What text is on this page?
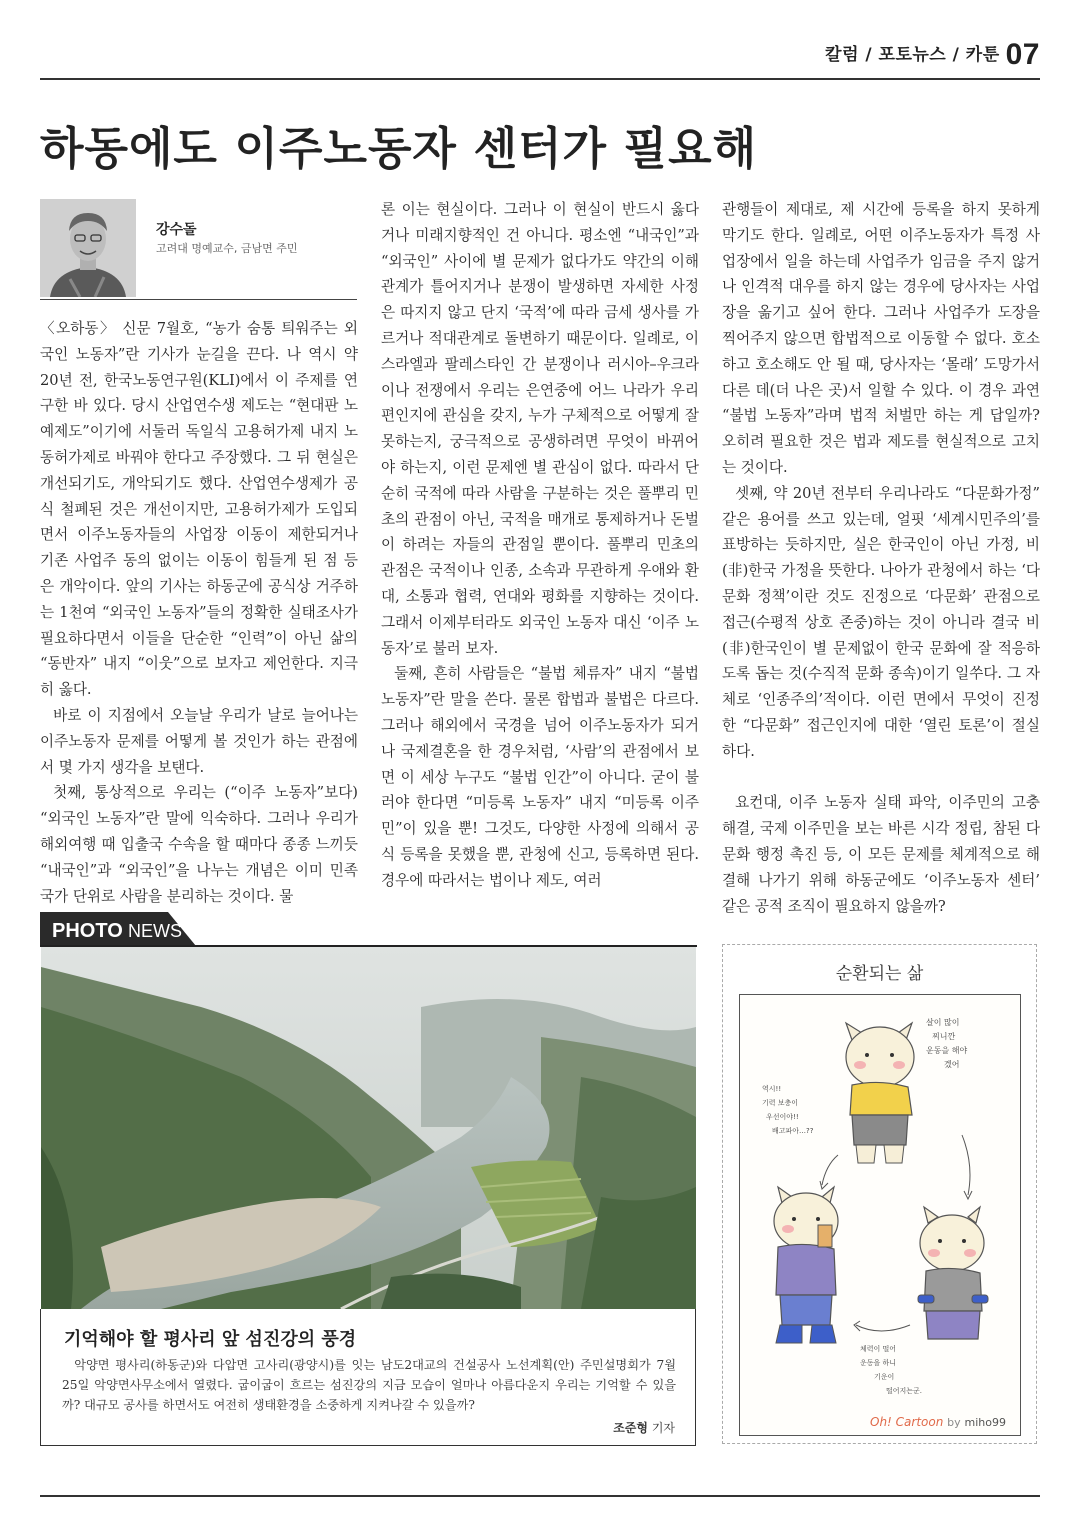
칼럼 / 포토뉴스 / 카툰 07
하동에도 이주노동자 센터가 필요해
강수돌
고려대 명예교수, 금남면 주민

〈오하동〉 신문 7월호, “농가 숨통 틔워주는 외국인 노동자”란 기사가 눈길을 끈다. 나 역시 약 20년 전, 한국노동연구원(KLI)에서 이 주제를 연구한 바 있다. 당시 산업연수생 제도는 “현대판 노예제도”이기에 서둘러 독일식 고용허가제 내지 노동허가제로 바꿔야 한다고 주장했다. 그 뒤 현실은 개선되기도, 개악되기도 했다. 산업연수생제가 공식 철폐된 것은 개선이지만, 고용허가제가 도입되면서 이주노동자들의 사업장 이동이 제한되거나 기존 사업주 동의 없이는 이동이 힘들게 된 점 등은 개악이다. 앞의 기사는 하동군에 공식상 거주하는 1천여 “외국인 노동자”들의 정확한 실태조사가 필요하다면서 이들을 단순한 “인력”이 아닌 삶의 “동반자” 내지 “이웃”으로 보자고 제언한다. 지극히 옳다.

바로 이 지점에서 오늘날 우리가 날로 늘어나는 이주노동자 문제를 어떻게 볼 것인가 하는 관점에서 몇 가지 생각을 보탠다.

첫째, 통상적으로 우리는 (“이주 노동자”보다) “외국인 노동자”란 말에 익숙하다. 그러나 우리가 해외여행 때 입출국 수속을 할 때마다 종종 느끼듯 “내국인”과 “외국인”을 나누는 개념은 이미 민족국가 단위로 사람을 분리하는 것이다. 물

론 이는 현실이다. 그러나 이 현실이 반드시 옳다거나 미래지향적인 건 아니다. 평소엔 “내국인”과 “외국인” 사이에 별 문제가 없다가도 약간의 이해관계가 틀어지거나 분쟁이 발생하면 자세한 사정은 따지지 않고 단지 ‘국적’에 따라 금세 생사를 가르거나 적대관계로 돌변하기 때문이다. 일례로, 이스라엘과 팔레스타인 간 분쟁이나 러시아–우크라이나 전쟁에서 우리는 은연중에 어느 나라가 우리 편인지에 관심을 갖지, 누가 구체적으로 어떻게 잘못하는지, 궁극적으로 공생하려면 무엇이 바뀌어야 하는지, 이런 문제엔 별 관심이 없다. 따라서 단순히 국적에 따라 사람을 구분하는 것은 풀뿌리 민초의 관점이 아닌, 국적을 매개로 통제하거나 돈벌이 하려는 자들의 관점일 뿐이다. 풀뿌리 민초의 관점은 국적이나 인종, 소속과 무관하게 우애와 환대, 소통과 협력, 연대와 평화를 지향하는 것이다. 그래서 이제부터라도 외국인 노동자 대신 ‘이주 노동자’로 불러 보자.

둘째, 흔히 사람들은 “불법 체류자” 내지 “불법 노동자”란 말을 쓴다. 물론 합법과 불법은 다르다. 그러나 해외에서 국경을 넘어 이주노동자가 되거나 국제결혼을 한 경우처럼, ‘사람’의 관점에서 보면 이 세상 누구도 “불법 인간”이 아니다. 굳이 불러야 한다면 “미등록 노동자” 내지 “미등록 이주민”이 있을 뿐! 그것도, 다양한 사정에 의해서 공식 등록을 못했을 뿐, 관청에 신고, 등록하면 된다. 경우에 따라서는 법이나 제도, 여러

관행들이 제대로, 제 시간에 등록을 하지 못하게 막기도 한다. 일례로, 어떤 이주노동자가 특정 사업장에서 일을 하는데 사업주가 임금을 주지 않거나 인격적 대우를 하지 않는 경우에 당사자는 사업장을 옮기고 싶어 한다. 그러나 사업주가 도장을 찍어주지 않으면 합법적으로 이동할 수 없다. 호소하고 호소해도 안 될 때, 당사자는 ‘몰래’ 도망가서 다른 데(더 나은 곳)서 일할 수 있다. 이 경우 과연 “불법 노동자”라며 법적 처벌만 하는 게 답일까? 오히려 필요한 것은 법과 제도를 현실적으로 고치는 것이다.

셋째, 약 20년 전부터 우리나라도 “다문화가정” 같은 용어를 쓰고 있는데, 얼핏 ‘세계시민주의’를 표방하는 듯하지만, 실은 한국인이 아닌 가정, 비(非)한국 가정을 뜻한다. 나아가 관청에서 하는 ‘다문화 정책’이란 것도 진정으로 ‘다문화’ 관점으로 접근(수평적 상호 존중)하는 것이 아니라 결국 비(非)한국인이 별 문제없이 한국 문화에 잘 적응하도록 돕는 것(수직적 문화 종속)이기 일쑤다. 그 자체로 ‘인종주의’적이다. 이런 면에서 무엇이 진정한 “다문화” 접근인지에 대한 ‘열린 토론’이 절실하다.

요컨대, 이주 노동자 실태 파악, 이주민의 고충 해결, 국제 이주민을 보는 바른 시각 정립, 참된 다문화 행정 촉진 등, 이 모든 문제를 체계적으로 해결해 나가기 위해 하동군에도 ‘이주노동자 센터’ 같은 공적 조직이 필요하지 않을까?

PHOTO NEWS
기억해야 할 평사리 앞 섬진강의 풍경
악양면 평사리(하동군)와 다압면 고사리(광양시)를 잇는 남도2대교의 건설공사 노선계획(안) 주민설명회가 7월 25일 악양면사무소에서 열렸다. 굽이굽이 흐르는 섬진강의 지금 모습이 얼마나 아름다운지 우리는 기억할 수 있을까? 대규모 공사를 하면서도 여전히 생태환경을 소중하게 지켜나갈 수 있을까?
조준형 기자
순환되는 삶
살이 많이
찌니깐
운동을 해야
겠어
역시!!
기력 보충이
우선이야!!
배고파아…??
체력이 떨어
운동을 하니
기운이
떨어지는군.
Oh! Cartoon by miho99
